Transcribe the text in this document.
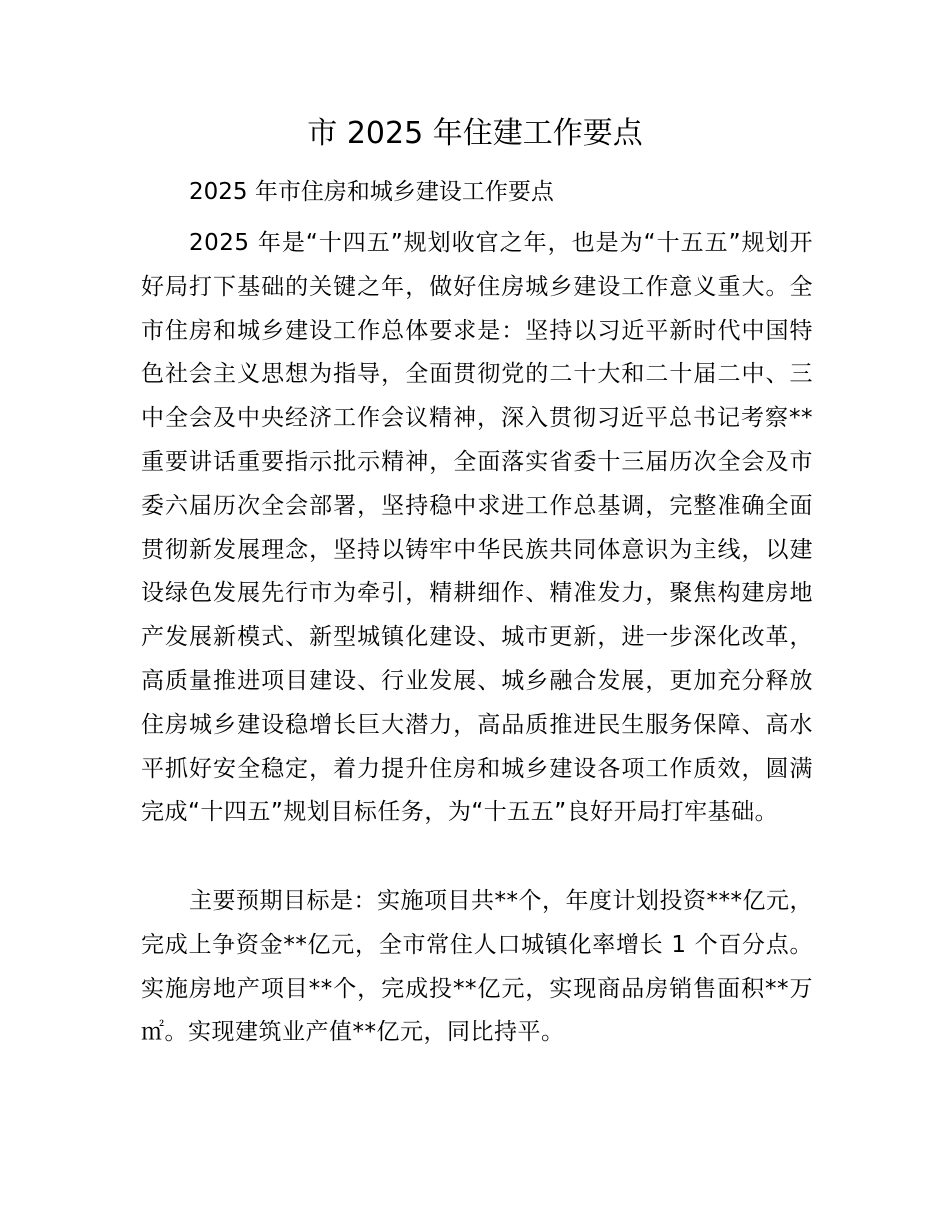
市 2025 年住建工作要点

2025 年市住房和城乡建设工作要点

2025 年是“十四五”规划收官之年，也是为“十五五”规划开好局打下基础的关键之年，做好住房城乡建设工作意义重大。全市住房和城乡建设工作总体要求是：坚持以习近平新时代中国特色社会主义思想为指导，全面贯彻党的二十大和二十届二中、三中全会及中央经济工作会议精神，深入贯彻习近平总书记考察**重要讲话重要指示批示精神，全面落实省委十三届历次全会及市委六届历次全会部署，坚持稳中求进工作总基调，完整准确全面贯彻新发展理念，坚持以铸牢中华民族共同体意识为主线，以建设绿色发展先行市为牵引，精耕细作、精准发力，聚焦构建房地产发展新模式、新型城镇化建设、城市更新，进一步深化改革，高质量推进项目建设、行业发展、城乡融合发展，更加充分释放住房城乡建设稳增长巨大潜力，高品质推进民生服务保障、高水平抓好安全稳定，着力提升住房和城乡建设各项工作质效，圆满完成“十四五”规划目标任务，为“十五五”良好开局打牢基础。

主要预期目标是：实施项目共**个，年度计划投资***亿元，完成上争资金**亿元，全市常住人口城镇化率增长 1 个百分点。实施房地产项目**个，完成投**亿元，实现商品房销售面积**万㎡。实现建筑业产值**亿元，同比持平。
